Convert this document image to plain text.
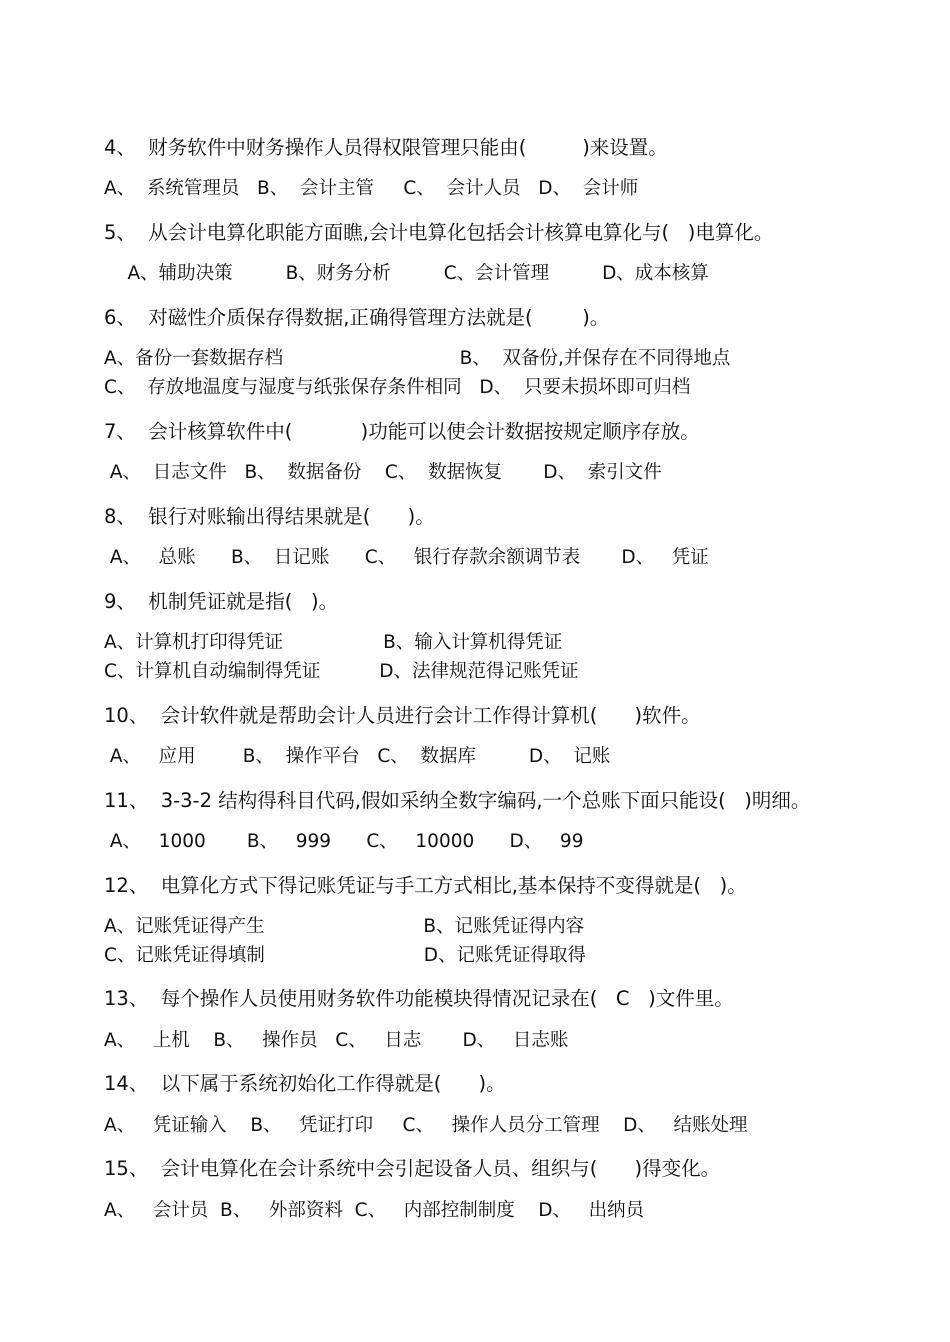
4、  财务软件中财务操作人员得权限管理只能由(         )来设置。
A、  系统管理员   B、  会计主管     C、  会计人员   D、  会计师
5、  从会计电算化职能方面瞧,会计电算化包括会计核算电算化与(   )电算化。
A、辅助决策         B、财务分析         C、会计管理         D、成本核算
6、  对磁性介质保存得数据,正确得管理方法就是(        )。
A、备份一套数据存档                              B、  双备份,并保存在不同得地点
C、  存放地温度与湿度与纸张保存条件相同   D、  只要未损坏即可归档
7、  会计核算软件中(           )功能可以使会计数据按规定顺序存放。
A、  日志文件   B、  数据备份    C、  数据恢复       D、  索引文件
8、  银行对账输出得结果就是(      )。
A、   总账      B、  日记账      C、   银行存款余额调节表       D、   凭证
9、  机制凭证就是指(   )。
A、计算机打印得凭证                 B、输入计算机得凭证
C、计算机自动编制得凭证          D、法律规范得记账凭证
10、  会计软件就是帮助会计人员进行会计工作得计算机(      )软件。
A、   应用        B、  操作平台   C、  数据库         D、  记账
11、  3-3-2 结构得科目代码,假如采纳全数字编码,一个总账下面只能设(   )明细。
A、   1000       B、   999      C、   10000      D、   99
12、  电算化方式下得记账凭证与手工方式相比,基本保持不变得就是(   )。
A、记账凭证得产生                           B、记账凭证得内容
C、记账凭证得填制                           D、记账凭证得取得
13、  每个操作人员使用财务软件功能模块得情况记录在(   C   )文件里。
A、   上机    B、   操作员   C、   日志       D、   日志账
14、  以下属于系统初始化工作得就是(      )。
A、   凭证输入    B、   凭证打印     C、   操作人员分工管理    D、   结账处理
15、  会计电算化在会计系统中会引起设备人员、组织与(      )得变化。
A、   会计员  B、   外部资料  C、   内部控制制度    D、   出纳员
